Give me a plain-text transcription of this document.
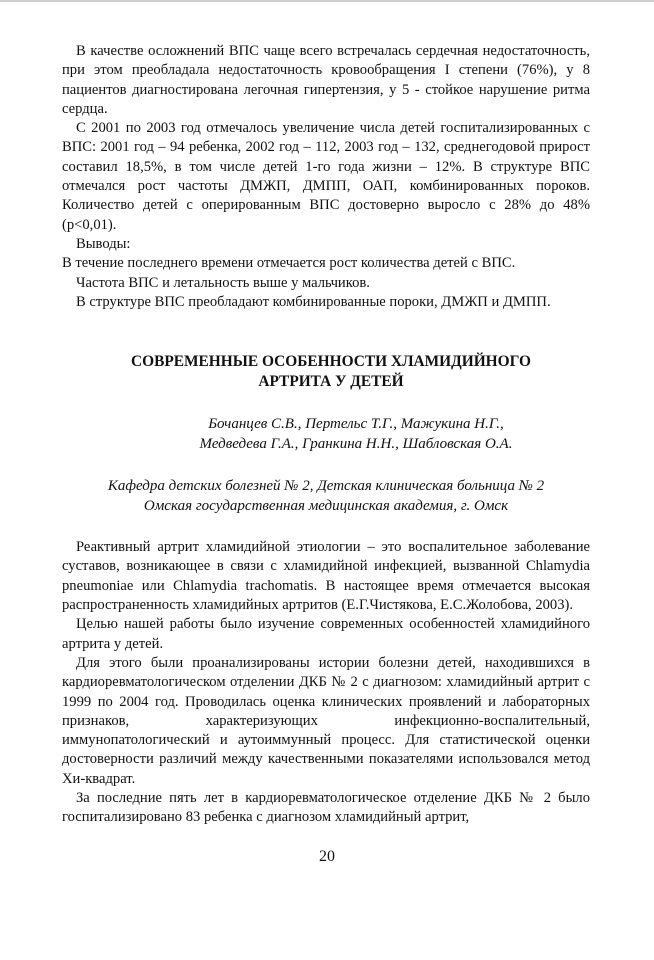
В качестве осложнений ВПС чаще всего встречалась сердечная недостаточность, при этом преобладала недостаточность кровообращения I степени (76%), у 8 пациентов диагностирована легочная гипертензия, у 5 - стойкое нарушение ритма сердца.

С 2001 по 2003 год отмечалось увеличение числа детей госпитализированных с ВПС: 2001 год – 94 ребенка, 2002 год – 112, 2003 год – 132, среднегодовой прирост составил 18,5%, в том числе детей 1-го года жизни – 12%. В структуре ВПС отмечался рост частоты ДМЖП, ДМПП, ОАП, комбинированных пороков. Количество детей с оперированным ВПС достоверно выросло с 28% до 48% (p<0,01).

Выводы:

В течение последнего времени отмечается рост количества детей с ВПС.

Частота ВПС и летальность выше у мальчиков.

В структуре ВПС преобладают комбинированные пороки, ДМЖП и ДМПП.

СОВРЕМЕННЫЕ ОСОБЕННОСТИ ХЛАМИДИЙНОГО

АРТРИТА У ДЕТЕЙ

Бочанцев С.В., Пертельс Т.Г., Мажукина Н.Г.,

Медведева Г.А., Гранкина Н.Н., Шабловская О.А.

Кафедра детских болезней № 2, Детская клиническая больница № 2

Омская государственная медицинская академия, г. Омск

Реактивный артрит хламидийной этиологии – это воспалительное заболевание суставов, возникающее в связи с хламидийной инфекцией, вызванной Chlamydia pneumoniae или Chlamydia trachomatis. В настоящее время отмечается высокая распространенность хламидийных артритов (Е.Г.Чистякова, Е.С.Жолобова, 2003).

Целью нашей работы было изучение современных особенностей хламидийного артрита у детей.

Для этого были проанализированы истории болезни детей, находившихся в кардиоревматологическом отделении ДКБ № 2 с диагнозом: хламидийный артрит с 1999 по 2004 год. Проводилась оценка клинических проявлений и лабораторных признаков, характеризующих инфекционно-воспалительный, иммунопатологический и аутоиммунный процесс. Для статистической оценки достоверности различий между качественными показателями использовался метод Хи-квадрат.

За последние пять лет в кардиоревматологическое отделение ДКБ № 2 было госпитализировано 83 ребенка с диагнозом хламидийный артрит,

20
